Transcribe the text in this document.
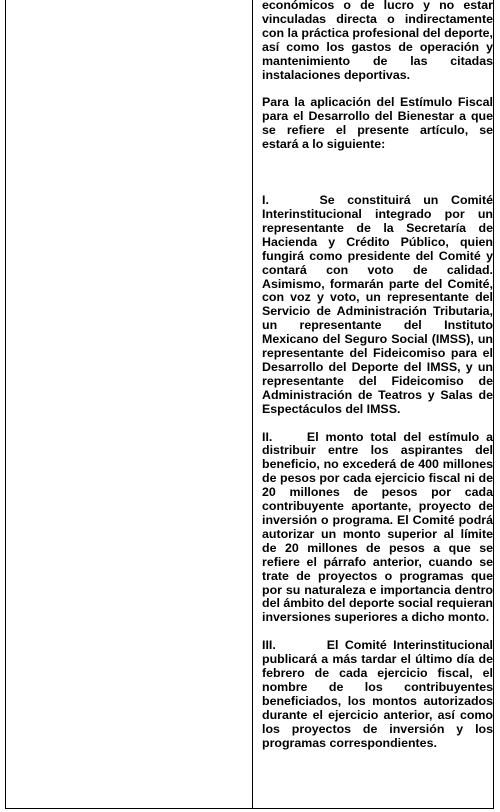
económicos o de lucro y no estar vinculadas directa o indirectamente con la práctica profesional del deporte, así como los gastos de operación y mantenimiento de las citadas instalaciones deportivas.

Para la aplicación del Estímulo Fiscal para el Desarrollo del Bienestar a que se refiere el presente artículo, se estará a lo siguiente:

I.    Se constituirá un Comité Interinstitucional integrado por un representante de la Secretaría de Hacienda y Crédito Público, quien fungirá como presidente del Comité y contará con voto de calidad. Asimismo, formarán parte del Comité, con voz y voto, un representante del Servicio de Administración Tributaria, un representante del Instituto Mexicano del Seguro Social (IMSS), un representante del Fideicomiso para el Desarrollo del Deporte del IMSS, y un representante del Fideicomiso de Administración de Teatros y Salas de Espectáculos del IMSS.

II.     El monto total del estímulo a distribuir entre los aspirantes del beneficio, no excederá de 400 millones de pesos por cada ejercicio fiscal ni de 20 millones de pesos por cada contribuyente aportante, proyecto de inversión o programa. El Comité podrá autorizar un monto superior al límite de 20 millones de pesos a que se refiere el párrafo anterior, cuando se trate de proyectos o programas que por su naturaleza e importancia dentro del ámbito del deporte social requieran inversiones superiores a dicho monto.

III.        El Comité Interinstitucional publicará a más tardar el último día de febrero de cada ejercicio fiscal, el nombre de los contribuyentes beneficiados, los montos autorizados durante el ejercicio anterior, así como los proyectos de inversión y los programas correspondientes.
